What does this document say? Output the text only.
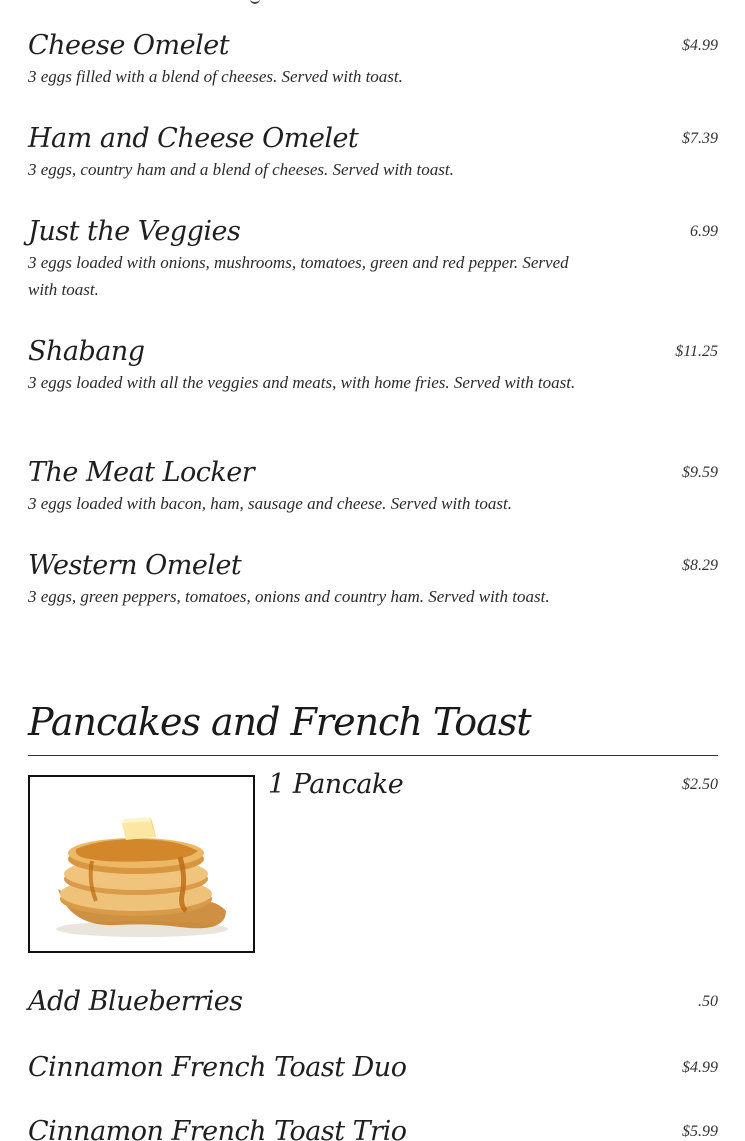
Cheese Omelet	$4.99
3 eggs filled with a blend of cheeses. Served with toast.
Ham and Cheese Omelet	$7.39
3 eggs, country ham and a blend of cheeses. Served with toast.
Just the Veggies	6.99
3 eggs loaded with onions, mushrooms, tomatoes, green and red pepper. Served with toast.
Shabang	$11.25
3 eggs loaded with all the veggies and meats, with home fries. Served with toast.
The Meat Locker	$9.59
3 eggs loaded with bacon, ham, sausage and cheese. Served with toast.
Western Omelet	$8.29
3 eggs, green peppers, tomatoes, onions and country ham. Served with toast.
Pancakes and French Toast
1 Pancake	$2.50
Add Blueberries	.50
Cinnamon French Toast Duo	$4.99
Cinnamon French Toast Trio	$5.99
